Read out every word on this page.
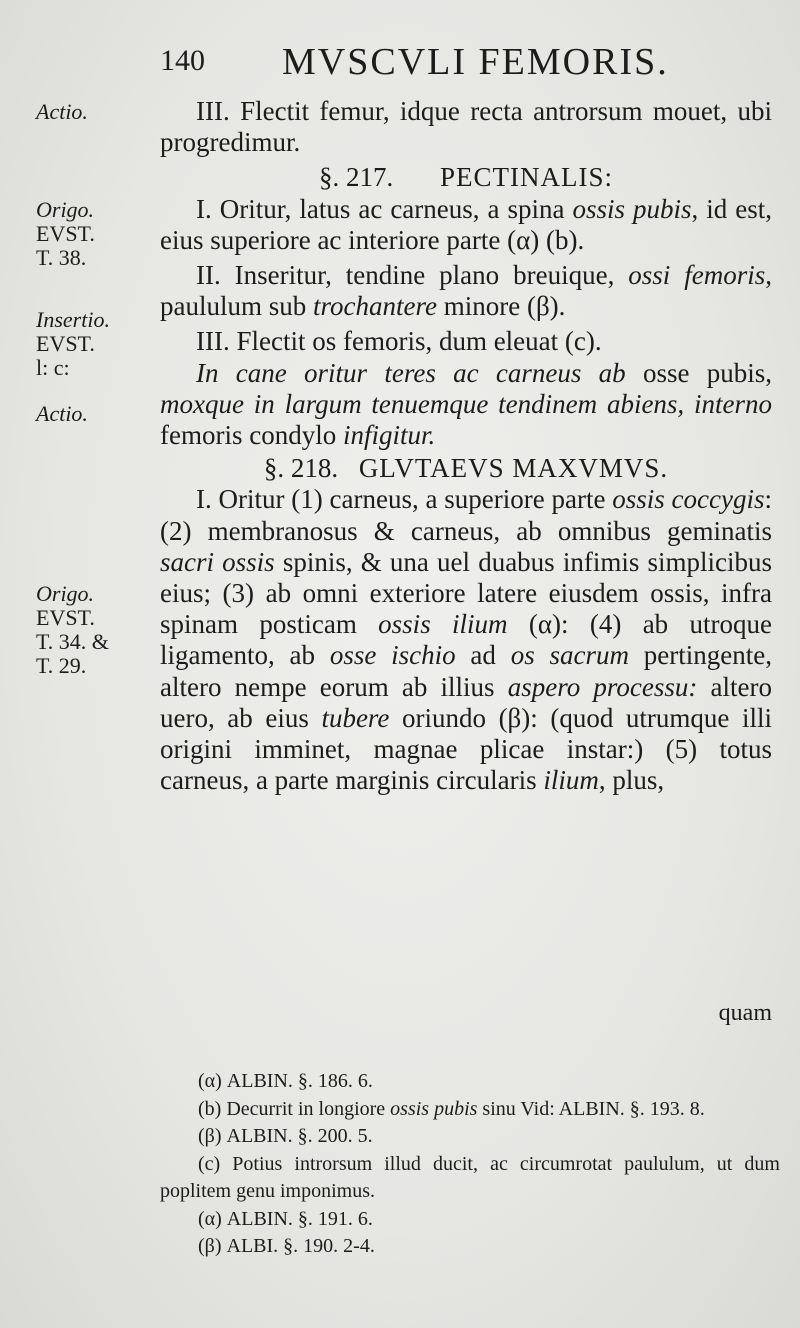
140 MVSCVLI FEMORIS.
Actio.
Origo.
EVST.
T. 38.
Insertio.
EVST.
l: c:
Actio.
Origo.
EVST.
T. 34. &
T. 29.

III. Flectit femur, idque recta antrorsum mouet, ubi progredimur.

§. 217. PECTINALIS:

I. Oritur, latus ac carneus, a spina ossis pubis, id est, eius superiore ac interiore parte (α) (b).

II. Inseritur, tendine plano breuique, ossi femoris, paululum sub trochantere minore (β).

III. Flectit os femoris, dum eleuat (c).

In cane oritur teres ac carneus ab osse pubis, moxque in largum tenuemque tendinem abiens, interno femoris condylo infigitur.

§. 218. GLVTAEVS MAXVMVS.

I. Oritur (1) carneus, a superiore parte ossis coccygis: (2) membranosus & carneus, ab omnibus geminatis sacri ossis spinis, & una uel duabus infimis simplicibus eius; (3) ab omni exteriore latere eiusdem ossis, infra spinam posticam ossis ilium (α): (4) ab utroque ligamento, ab osse ischio ad os sacrum pertingente, altero nempe eorum ab illius aspero processu: altero uero, ab eius tubere oriundo (β): (quod utrumque illi origini imminet, magnae plicae instar:) (5) totus carneus, a parte marginis circularis ilium, plus,

quam

(α) ALBIN. §. 186. 6.

(b) Decurrit in longiore ossis pubis sinu Vid: ALBIN. §. 193. 8.

(β) ALBIN. §. 200. 5.

(c) Potius introrsum illud ducit, ac circumrotat paululum, ut dum poplitem genu imponimus.

(α) ALBIN. §. 191. 6.

(β) ALBI. §. 190. 2-4.
